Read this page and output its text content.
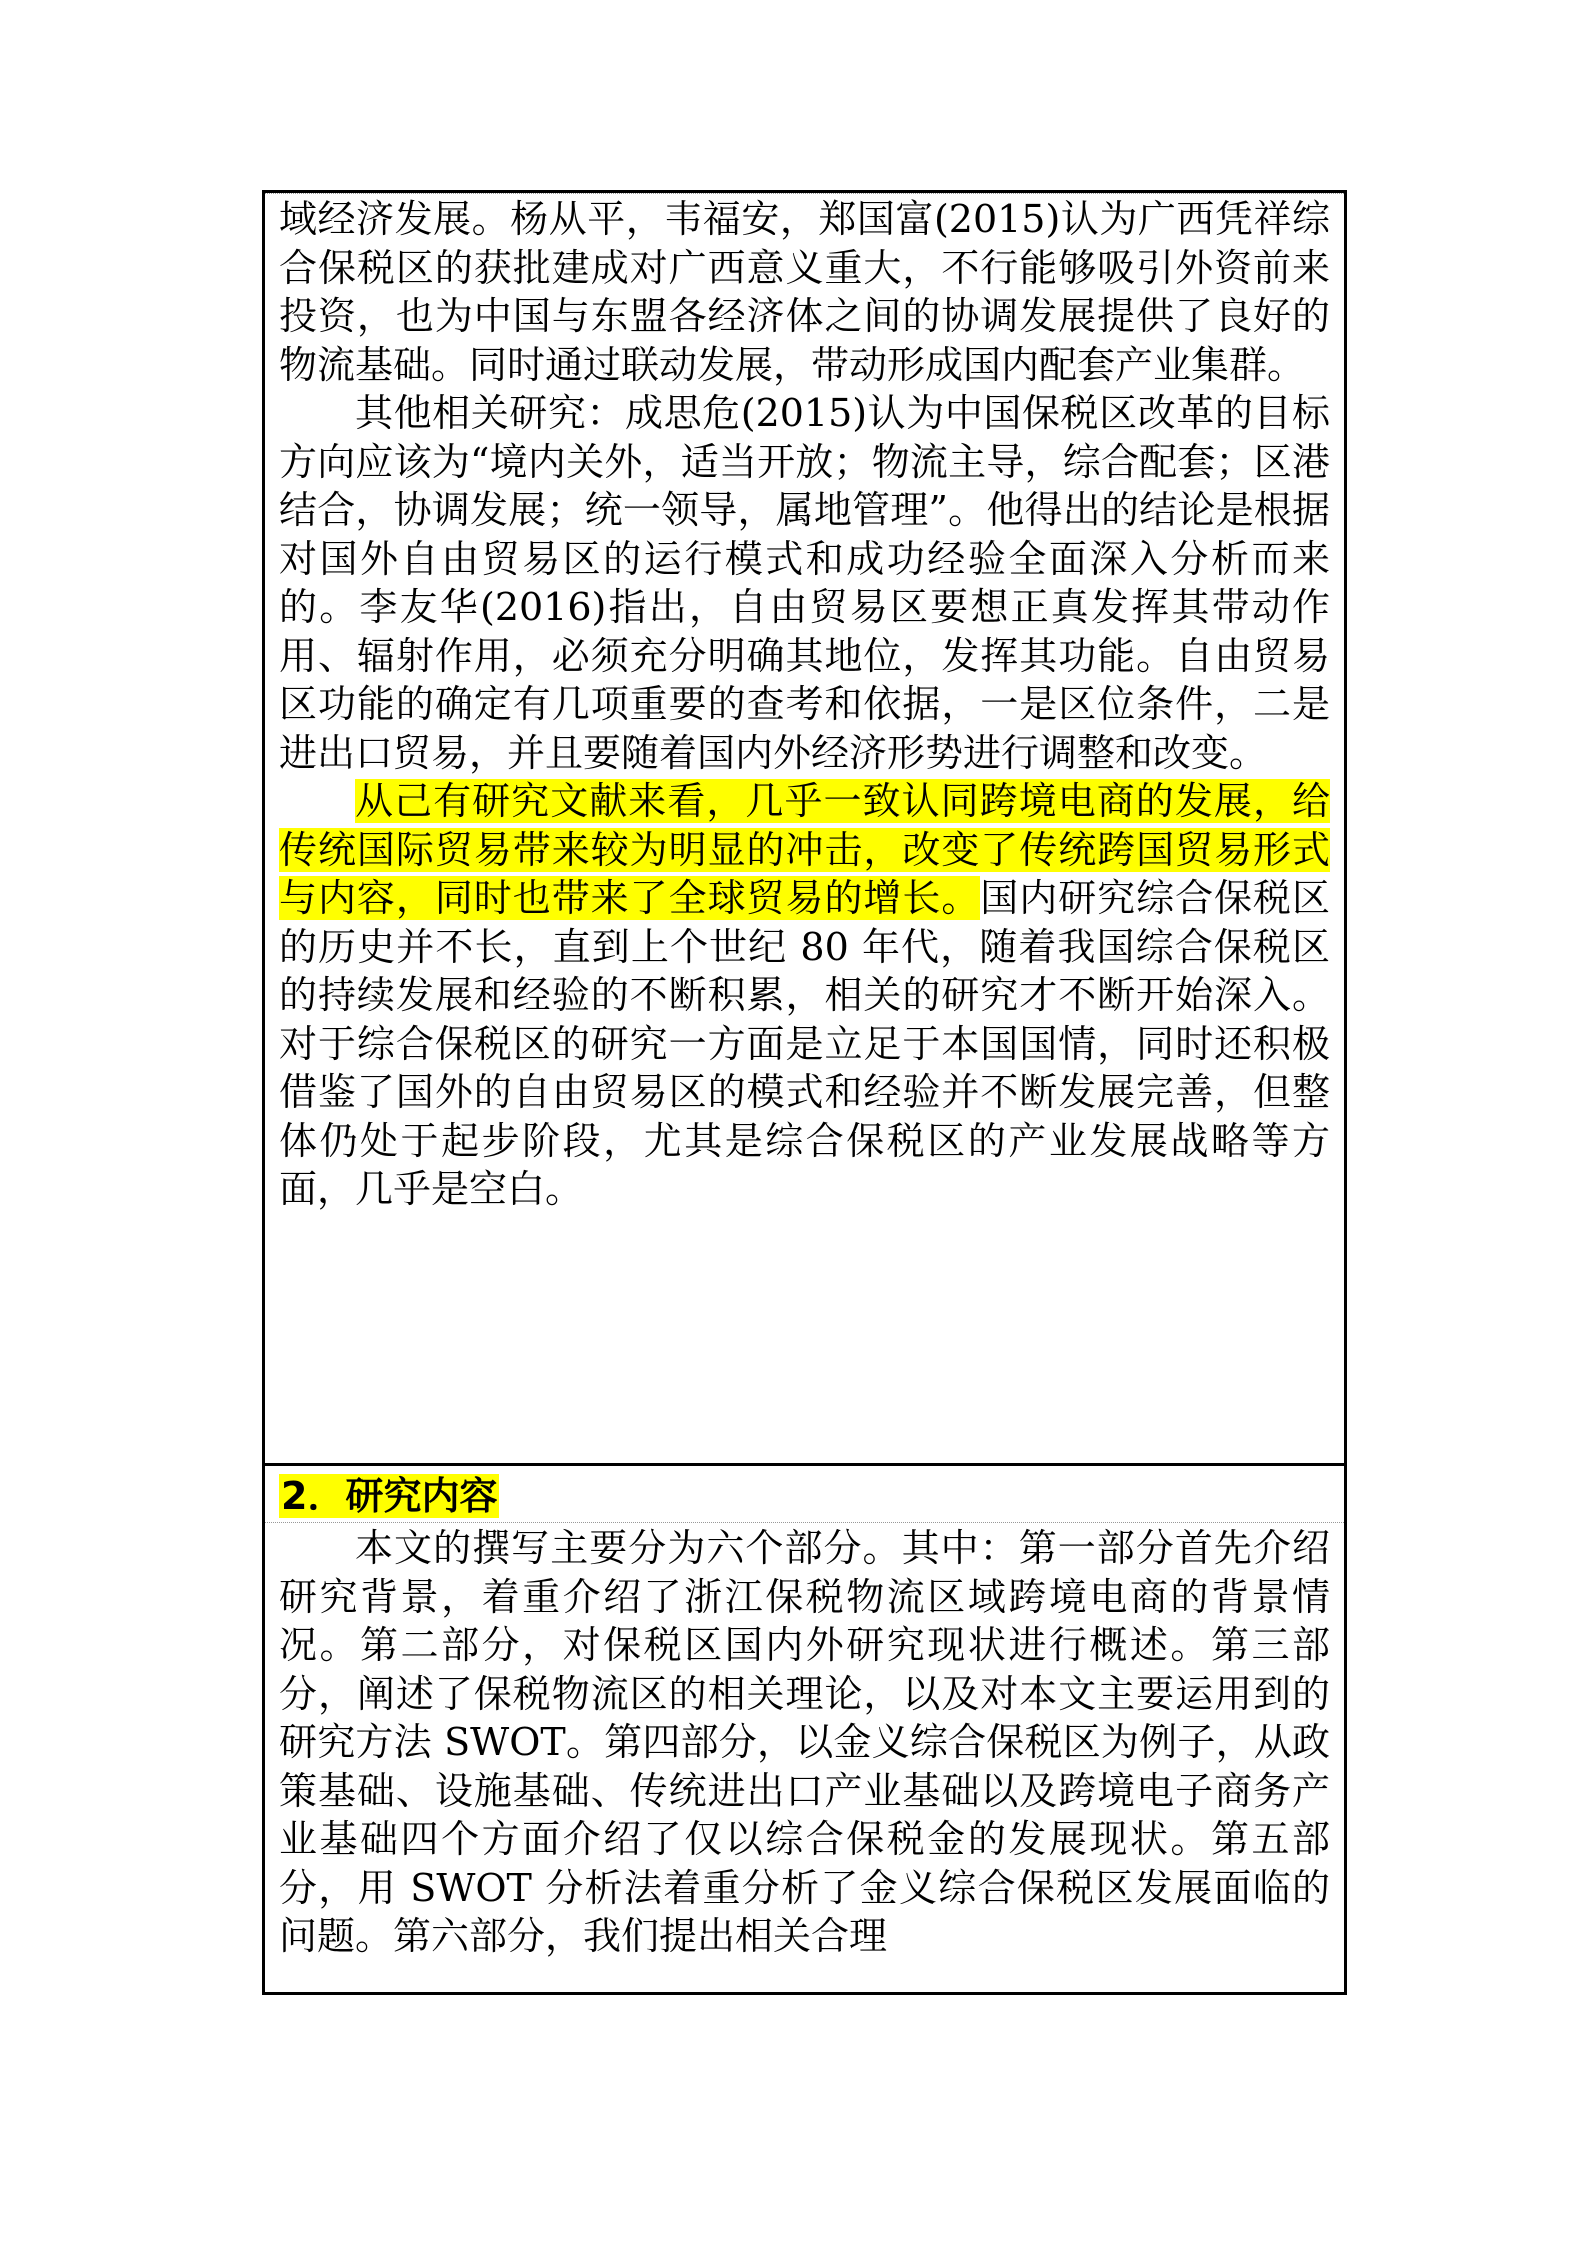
域经济发展。杨从平，韦福安，郑国富(2015)认为广西凭祥综合保税区的获批建成对广西意义重大，不行能够吸引外资前来投资，也为中国与东盟各经济体之间的协调发展提供了良好的物流基础。同时通过联动发展，带动形成国内配套产业集群。

其他相关研究：成思危(2015)认为中国保税区改革的目标方向应该为“境内关外，适当开放；物流主导，综合配套；区港结合，协调发展；统一领导，属地管理”。他得出的结论是根据对国外自由贸易区的运行模式和成功经验全面深入分析而来的。李友华(2016)指出，自由贸易区要想正真发挥其带动作用、辐射作用，必须充分明确其地位，发挥其功能。自由贸易区功能的确定有几项重要的查考和依据，一是区位条件，二是进出口贸易，并且要随着国内外经济形势进行调整和改变。

从己有研究文献来看，几乎一致认同跨境电商的发展，给传统国际贸易带来较为明显的冲击，改变了传统跨国贸易形式与内容，同时也带来了全球贸易的增长。国内研究综合保税区的历史并不长，直到上个世纪 80 年代，随着我国综合保税区的持续发展和经验的不断积累，相关的研究才不断开始深入。对于综合保税区的研究一方面是立足于本国国情，同时还积极借鉴了国外的自由贸易区的模式和经验并不断发展完善，但整体仍处于起步阶段，尤其是综合保税区的产业发展战略等方面，几乎是空白。

2．研究内容

本文的撰写主要分为六个部分。其中：第一部分首先介绍研究背景，着重介绍了浙江保税物流区域跨境电商的背景情况。第二部分，对保税区国内外研究现状进行概述。第三部分，阐述了保税物流区的相关理论，以及对本文主要运用到的研究方法 SWOT。第四部分，以金义综合保税区为例子，从政策基础、设施基础、传统进出口产业基础以及跨境电子商务产业基础四个方面介绍了仅以综合保税金的发展现状。第五部分，用 SWOT 分析法着重分析了金义综合保税区发展面临的问题。第六部分，我们提出相关合理
